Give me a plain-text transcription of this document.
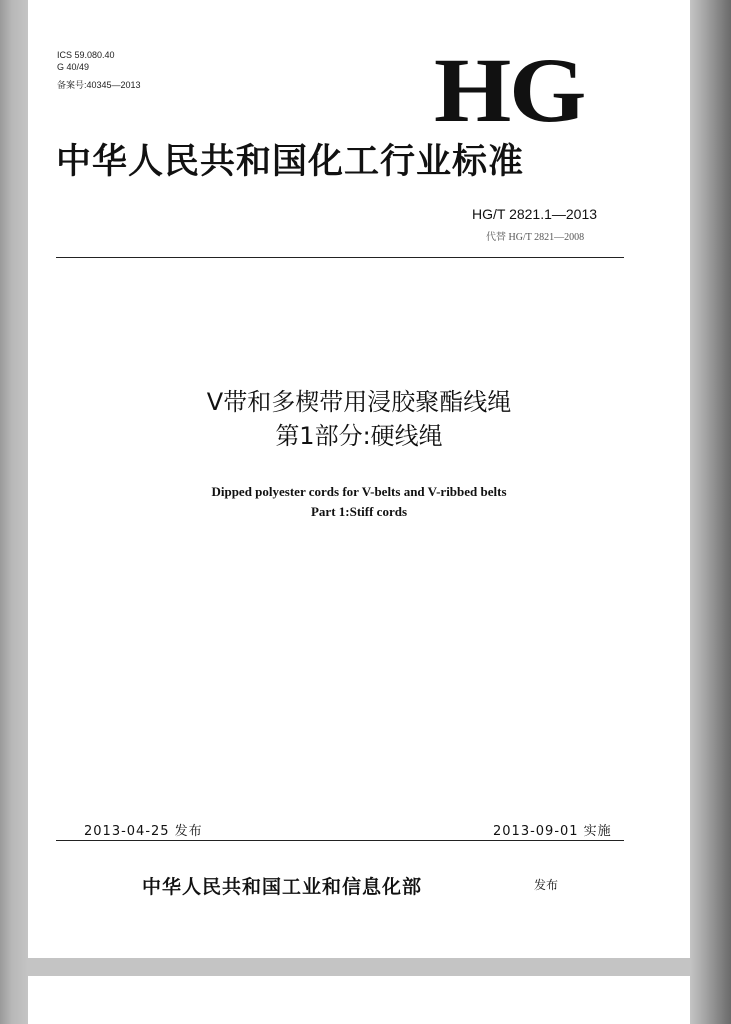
ICS 59.080.40
G 40/49
备案号:40345—2013	HG
中华人民共和国化工行业标准
HG/T 2821.1—2013
代替 HG/T 2821—2008
V带和多楔带用浸胶聚酯线绳
第1部分:硬线绳
Dipped polyester cords for V-belts and V-ribbed belts
Part 1:Stiff cords
2013-04-25 发布	2013-09-01 实施
中华人民共和国工业和信息化部	发布
